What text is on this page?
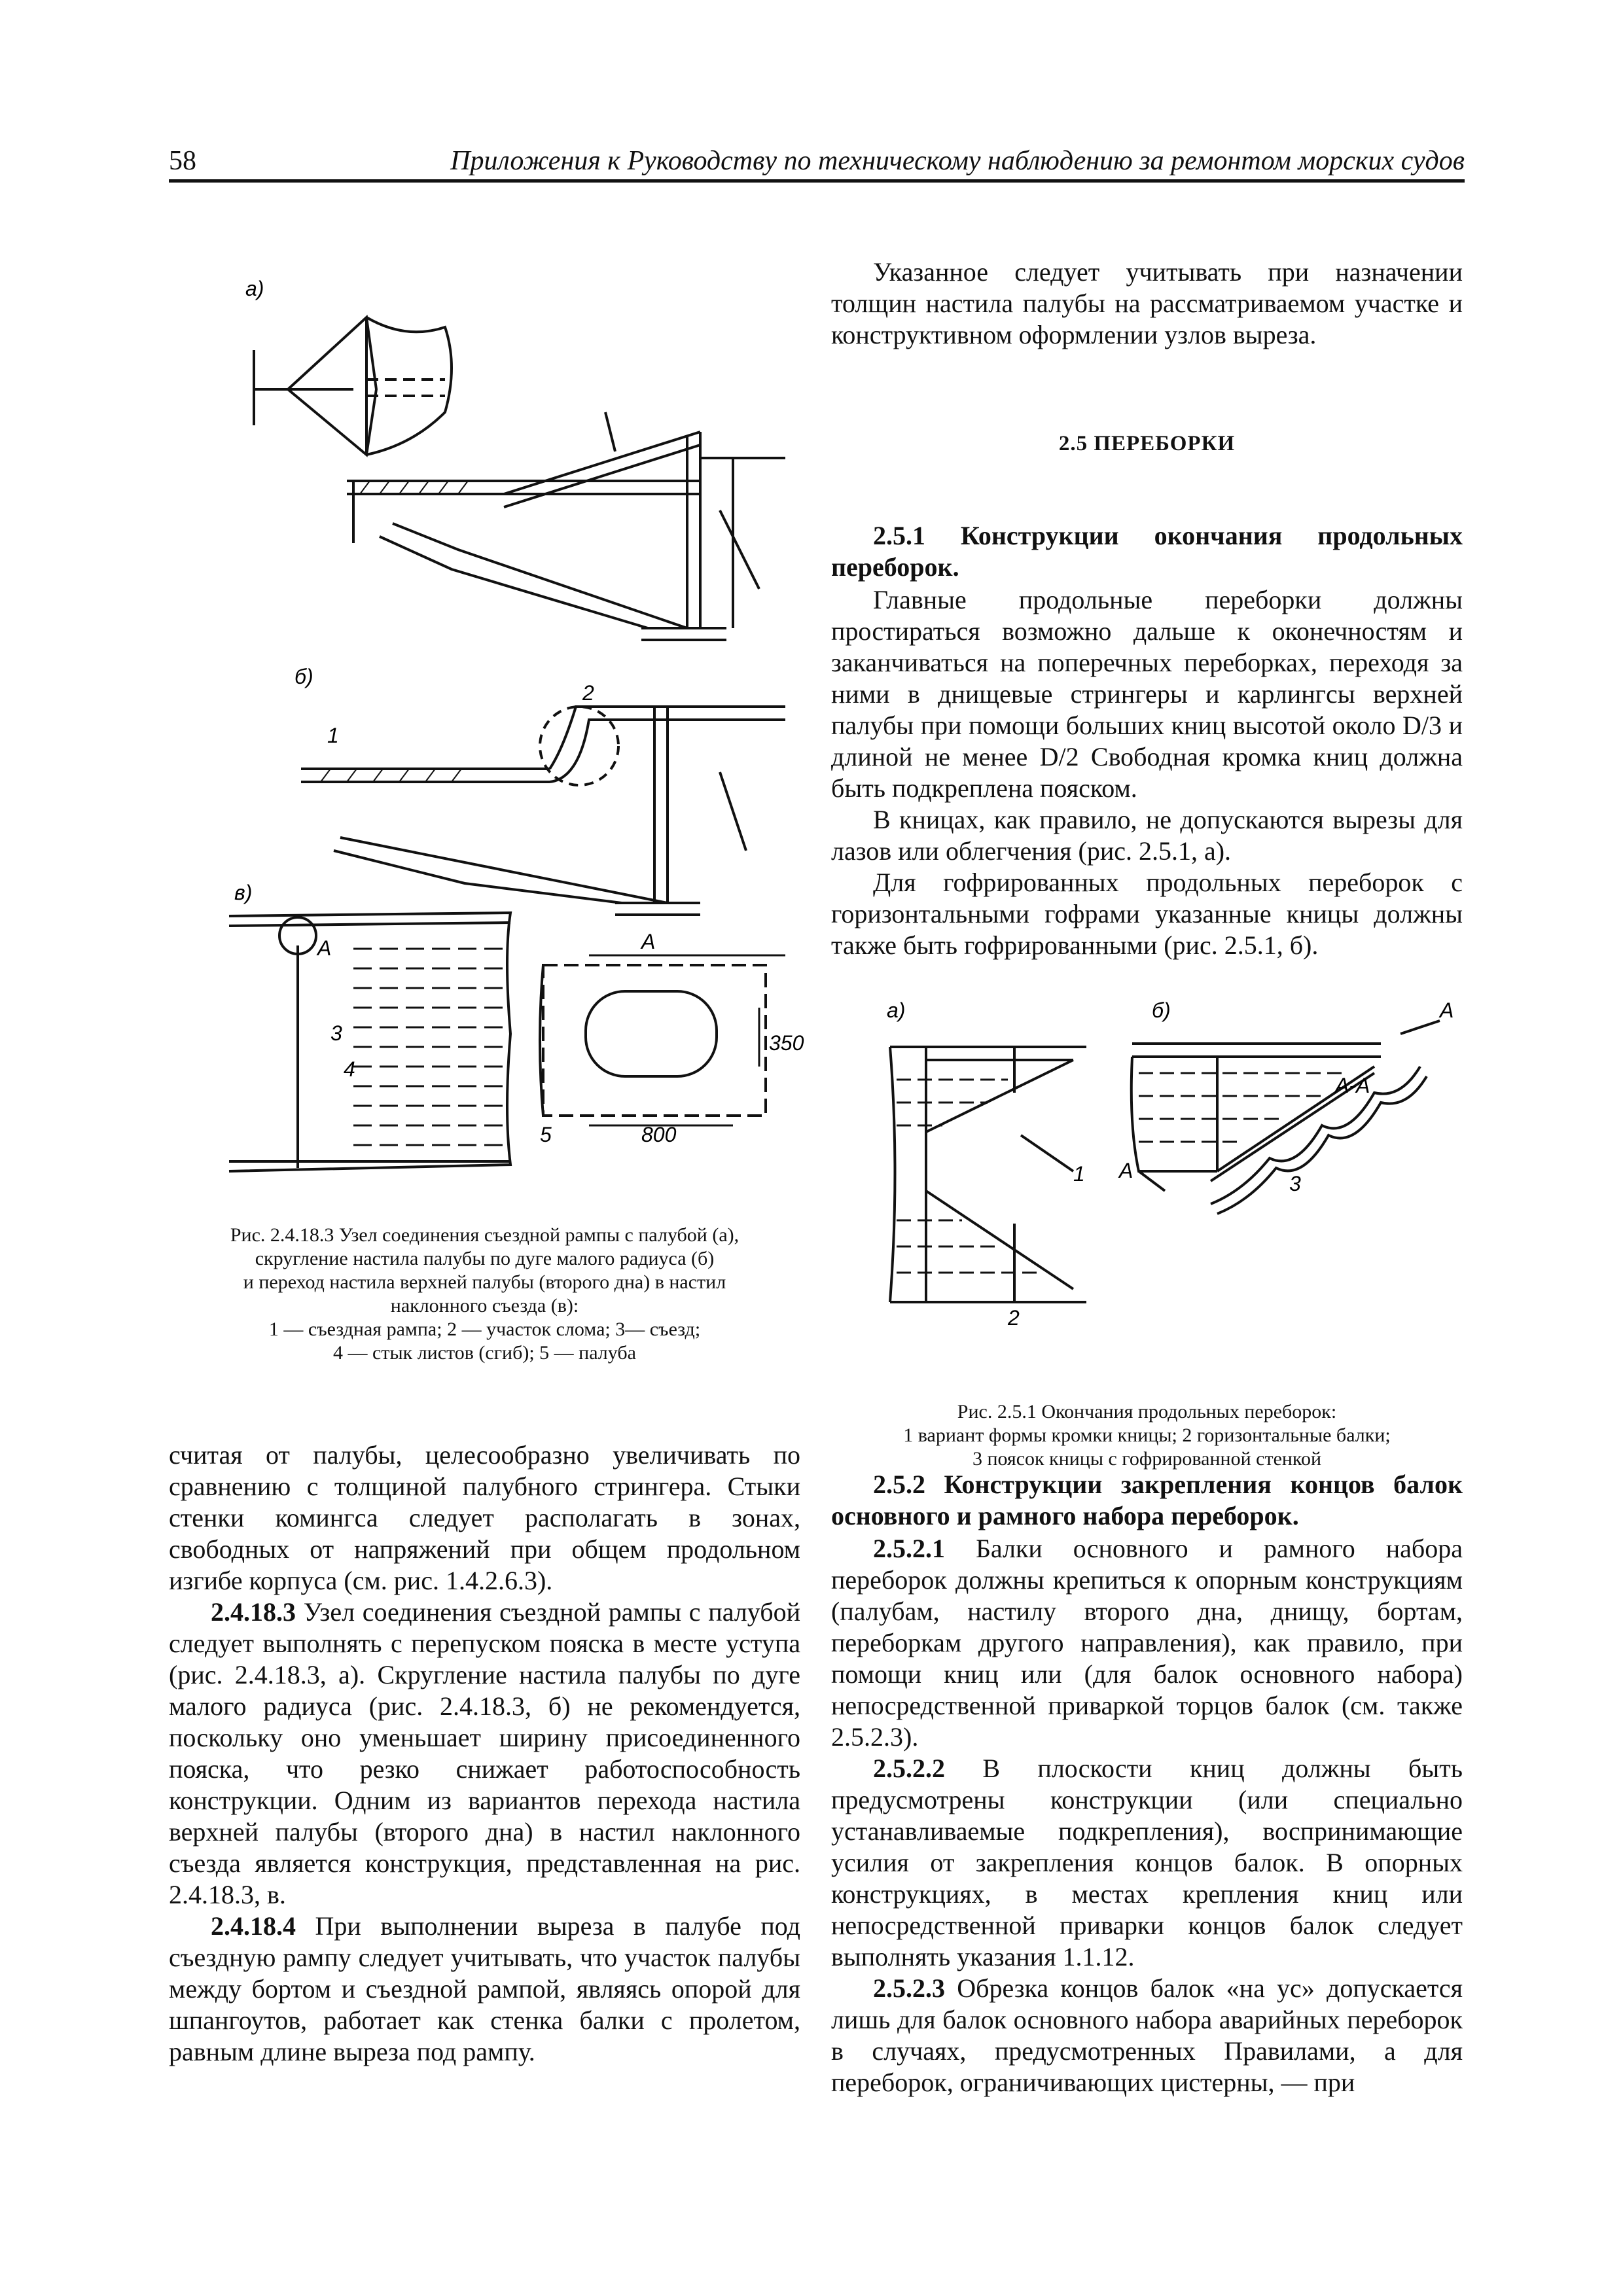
58	Приложения к Руководству по техническому наблюдению за ремонтом морских судов
а)
б)
в)
1
2
3
4
5
А	А
350
800
Рис. 2.4.18.3 Узел соединения съездной рампы с палубой (а),
скругление настила палубы по дуге малого радиуса (б)
и переход настила верхней палубы (второго дна) в настил
наклонного съезда (в):
1 — съездная рампа; 2 — участок слома; 3— съезд;
4 — стык листов (сгиб); 5 — палуба

считая от палубы, целесообразно увеличивать по сравнению с толщиной палубного стрингера. Стыки стенки комингса следует располагать в зонах, свободных от напряжений при общем продольном изгибе корпуса (см. рис. 1.4.2.6.3).

2.4.18.3 Узел соединения съездной рампы с палубой следует выполнять с перепуском пояска в месте уступа (рис. 2.4.18.3, а). Скругление настила палубы по дуге малого радиуса (рис. 2.4.18.3, б) не рекомендуется, поскольку оно уменьшает ширину присоединенного пояска, что резко снижает работоспособность конструкции. Одним из вариантов перехода настила верхней палубы (второго дна) в настил наклонного съезда является конструкция, представленная на рис. 2.4.18.3, в.

2.4.18.4 При выполнении выреза в палубе под съездную рампу следует учитывать, что участок палубы между бортом и съездной рампой, являясь опорой для шпангоутов, работает как стенка балки с пролетом, равным длине выреза под рампу.

Указанное следует учитывать при назначении толщин настила палубы на рассматриваемом участке и конструктивном оформлении узлов выреза.

2.5 ПЕРЕБОРКИ
2.5.1 Конструкции окончания продольных переборок.

Главные продольные переборки должны простираться возможно дальше к оконечностям и заканчиваться на поперечных переборках, переходя за ними в днищевые стрингеры и карлингсы верхней палубы при помощи больших книц высотой около D/3 и длиной не менее D/2 Свободная кромка книц должна быть подкреплена пояском.

В кницах, как правило, не допускаются вырезы для лазов или облегчения (рис. 2.5.1, а).

Для гофрированных продольных переборок с горизонтальными гофрами указанные кницы должны также быть гофрированными (рис. 2.5.1, б).

а)	б)	А
А
А-А
1
2
3
Рис. 2.5.1 Окончания продольных переборок:
1 вариант формы кромки кницы; 2 горизонтальные балки;
3 поясок кницы с гофрированной стенкой
2.5.2 Конструкции закрепления концов балок основного и рамного набора переборок.

2.5.2.1 Балки основного и рамного набора переборок должны крепиться к опорным конструкциям (палубам, настилу второго дна, днищу, бортам, переборкам другого направления), как правило, при помощи книц или (для балок основного набора) непосредственной приваркой торцов балок (см. также 2.5.2.3).

2.5.2.2 В плоскости книц должны быть предусмотрены конструкции (или специально устанавливаемые подкрепления), воспринимающие усилия от закрепления концов балок. В опорных конструкциях, в местах крепления книц или непосредственной приварки концов балок следует выполнять указания 1.1.12.

2.5.2.3 Обрезка концов балок «на ус» допускается лишь для балок основного набора аварийных переборок в случаях, предусмотренных Правилами, а для переборок, ограничивающих цистерны, — при
